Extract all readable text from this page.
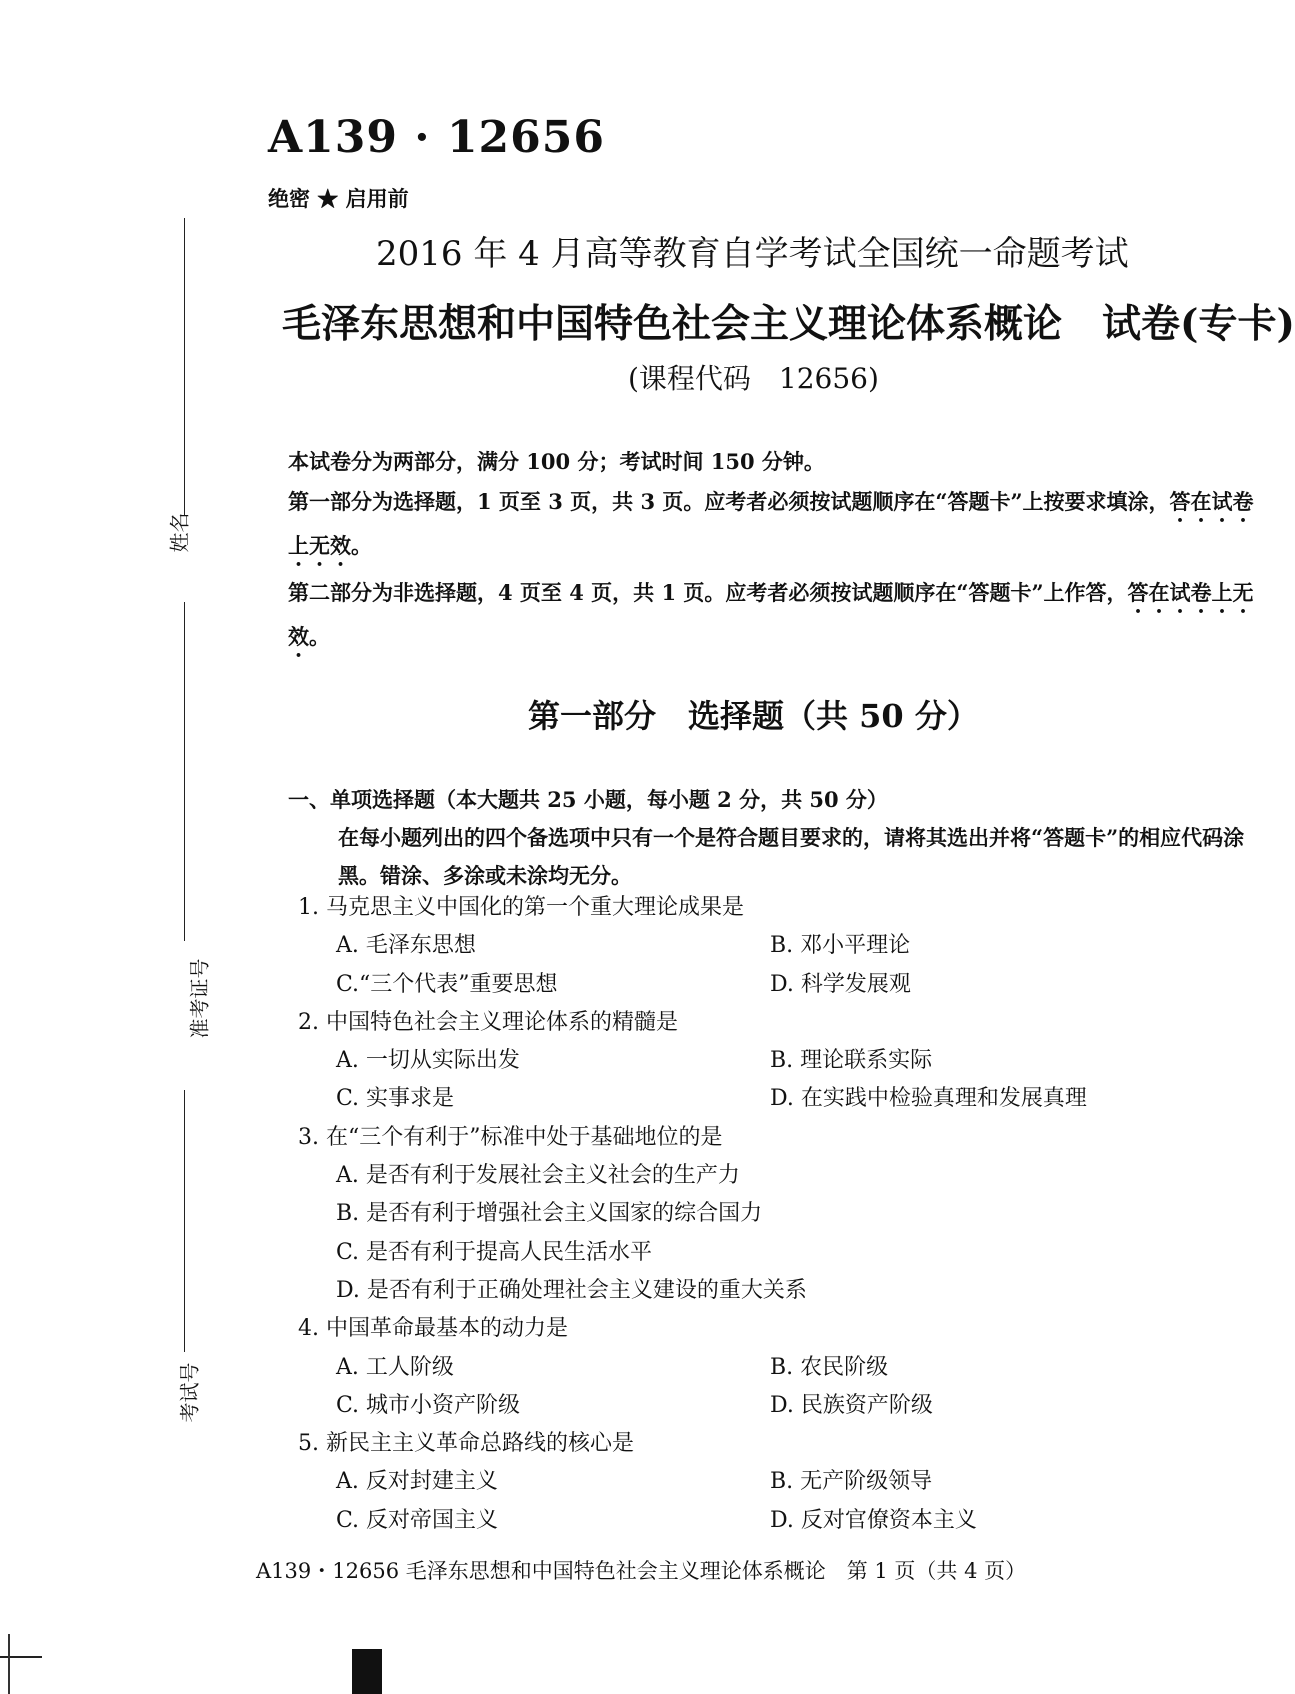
姓名
准考证号
考试号
A139 · 12656
绝密 ★ 启用前
2016 年 4 月高等教育自学考试全国统一命题考试
毛泽东思想和中国特色社会主义理论体系概论 试卷(专卡)
(课程代码　12656)

本试卷分为两部分，满分 100 分；考试时间 150 分钟。

第一部分为选择题，1 页至 3 页，共 3 页。应考者必须按试题顺序在“答题卡”上按要求填涂，答在试卷上无效。

第二部分为非选择题，4 页至 4 页，共 1 页。应考者必须按试题顺序在“答题卡”上作答，答在试卷上无效。

第一部分　选择题（共 50 分）
一、单项选择题（本大题共 25 小题，每小题 2 分，共 50 分）
在每小题列出的四个备选项中只有一个是符合题目要求的，请将其选出并将“答题卡”的相应代码涂黑。错涂、多涂或未涂均无分。
1. 马克思主义中国化的第一个重大理论成果是
A. 毛泽东思想	B. 邓小平理论
C.“三个代表”重要思想	D. 科学发展观
2. 中国特色社会主义理论体系的精髓是
A. 一切从实际出发	B. 理论联系实际
C. 实事求是	D. 在实践中检验真理和发展真理
3. 在“三个有利于”标准中处于基础地位的是
A. 是否有利于发展社会主义社会的生产力
B. 是否有利于增强社会主义国家的综合国力
C. 是否有利于提高人民生活水平
D. 是否有利于正确处理社会主义建设的重大关系
4. 中国革命最基本的动力是
A. 工人阶级	B. 农民阶级
C. 城市小资产阶级	D. 民族资产阶级
5. 新民主主义革命总路线的核心是
A. 反对封建主义	B. 无产阶级领导
C. 反对帝国主义	D. 反对官僚资本主义
A139・12656 毛泽东思想和中国特色社会主义理论体系概论　第 1 页（共 4 页）
